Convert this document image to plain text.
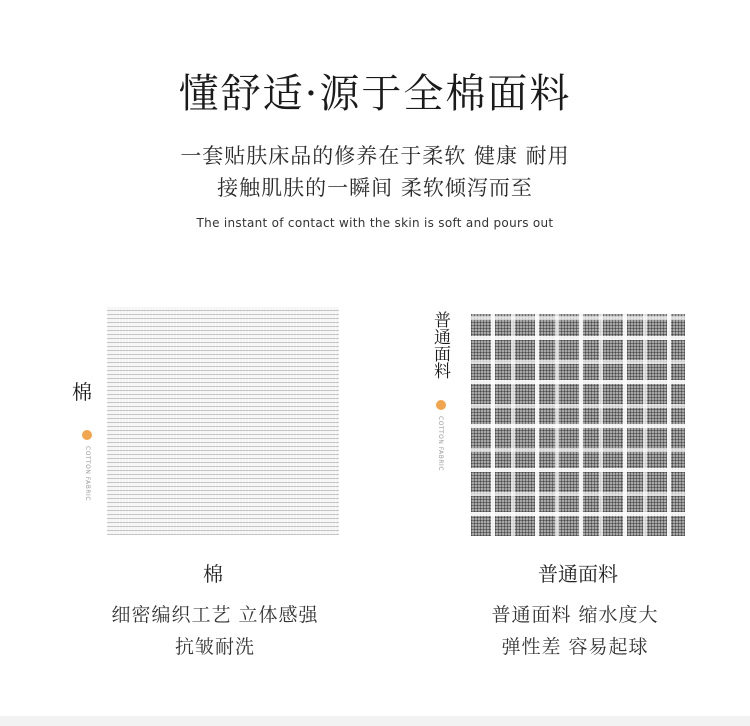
懂舒适·源于全棉面料
一套贴肤床品的修养在于柔软 健康 耐用
接触肌肤的一瞬间 柔软倾泻而至
The instant of contact with the skin is soft and pours out
棉
COTTON FABRIC
普通面料
COTTON FABRIC
棉	普通面料
细密编织工艺 立体感强
抗皱耐洗
普通面料 缩水度大
弹性差 容易起球
